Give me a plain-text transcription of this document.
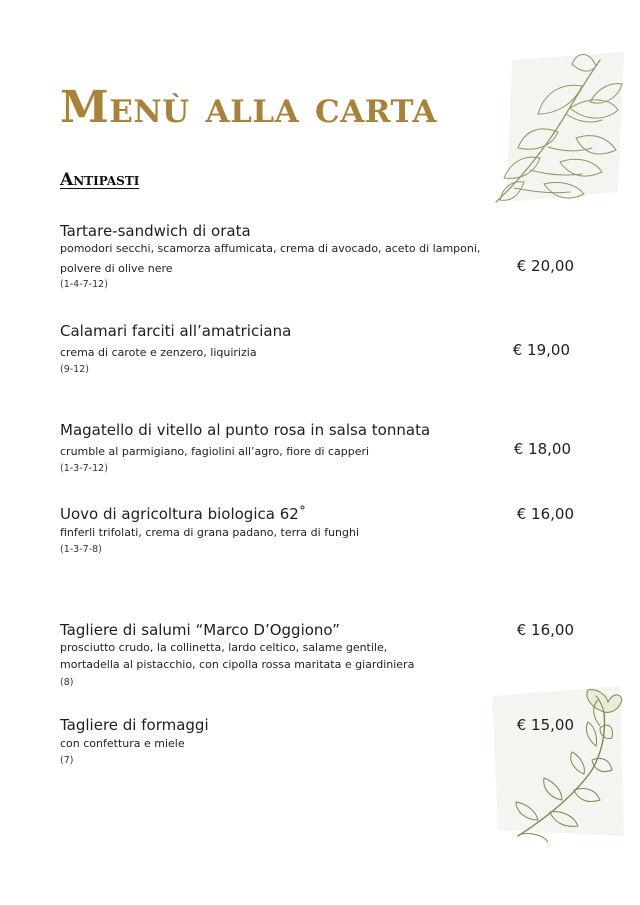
Menù alla carta
Antipasti
Tartare-sandwich di orata
pomodori secchi, scamorza affumicata, crema di avocado, aceto di lamponi,
polvere di olive nere
(1-4-7-12)
€ 20,00
Calamari farciti all’amatriciana
crema di carote e zenzero, liquirizia
(9-12)
€ 19,00
Magatello di vitello al punto rosa in salsa tonnata
crumble al parmigiano, fagiolini all’agro, fiore di capperi
(1-3-7-12)
€ 18,00
Uovo di agricoltura biologica 62˚
finferli trifolati, crema di grana padano, terra di funghi
(1-3-7-8)
€ 16,00
Tagliere di salumi “Marco D’Oggiono”
prosciutto crudo, la collinetta, lardo celtico, salame gentile,
mortadella al pistacchio, con cipolla rossa maritata e giardiniera
(8)
€ 16,00
Tagliere di formaggi
con confettura e miele
(7)
€ 15,00
